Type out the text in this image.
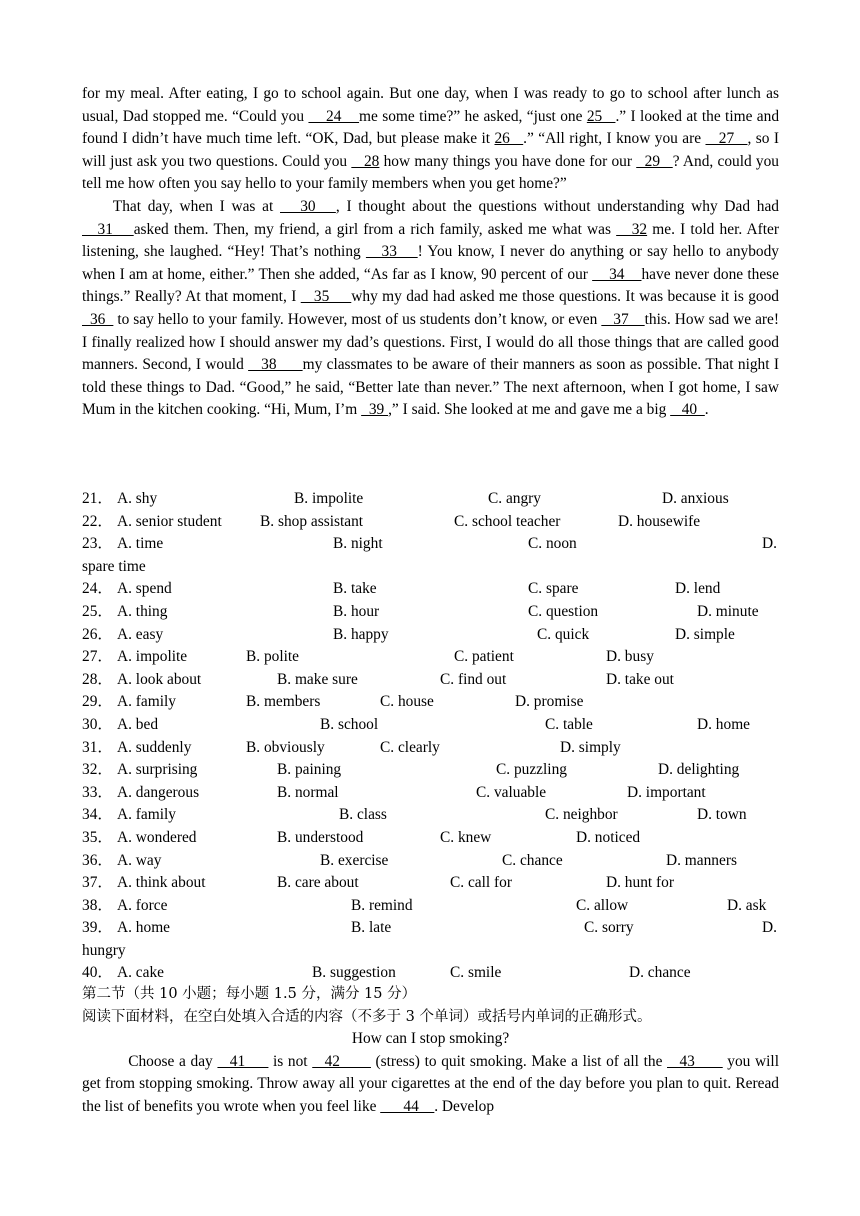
for my meal. After eating, I go to school again. But one day, when I was ready to go to school after lunch as usual, Dad stopped me. “Could you     24    me some time?” he asked, “just one 25   .” I looked at the time and found I didn’t have much time left. “OK, Dad, but please make it 26   .” “All right, I know you are    27   , so I will just ask you two questions. Could you    28 how many things you have done for our   29   ? And, could you tell me how often you say hello to your family members when you get home?”

That day, when I was at    30   , I thought about the questions without understanding why Dad had    31    asked them. Then, my friend, a girl from a rich family, asked me what was    32 me. I told her. After listening, she laughed. “Hey! That’s nothing    33    ! You know, I never do anything or say hello to anybody when I am at home, either.” Then she added, “As far as I know, 90 percent of our     34    have never done these things.” Really? At that moment, I    35     why my dad had asked me those questions. It was because it is good   36   to say hello to your family. However, most of us students don’t know, or even    37    this. How sad we are! I finally realized how I should answer my dad’s questions. First, I would do all those things that are called good manners. Second, I would    38      my classmates to be aware of their manners as soon as possible. That night I told these things to Dad. “Good,” he said, “Better late than never.” The next afternoon, when I got home, I saw Mum in the kitchen cooking. “Hi, Mum, I’m   39 ,” I said. She looked at me and gave me a big    40  .

21． A. shy	B. impolite	C. angry	D. anxious
22． A. senior student B. shop assistant	C. school teacher	D. housewife
23． A. time	B. night	C. noon	D.
spare time
24． A. spend	B. take	C. spare	D. lend
25． A. thing	B. hour	C. question	D. minute
26． A. easy	B. happy	C. quick	D. simple
27． A. impolite	B. polite	C. patient	D. busy
28． A. look about	B. make sure	C. find out	D. take out
29． A. family	B. members	C. house	D. promise
30． A. bed	B. school	C. table	D. home
31． A. suddenly	B. obviously	C. clearly	D. simply
32． A. surprising	B. paining	C. puzzling	D. delighting
33． A. dangerous	B. normal	C. valuable	D. important
34． A. family	B. class	C. neighbor	D. town
35． A. wondered	B. understood	C. knew	D. noticed
36． A. way	B. exercise	C. chance	D. manners
37． A. think about	B. care about	C. call for	D. hunt for
38． A. force	B. remind	C. allow	D. ask
39． A. home	B. late	C. sorry	D.
hungry
40． A. cake	B. suggestion	C. smile	D. chance
第二节（共 10 小题；每小题 1.5 分，满分 15 分）
阅读下面材料，在空白处填入合适的内容（不多于 3 个单词）或括号内单词的正确形式。
How can I stop smoking?
Choose a day  _41___ is not  _42____ (stress) to quit smoking. Make a list of all the _ 43_ __ you will get from stopping smoking. Throw away all your cigarettes at the end of the day before you plan to quit. Reread the list of benefits you wrote when you feel like ___44__. Develop
